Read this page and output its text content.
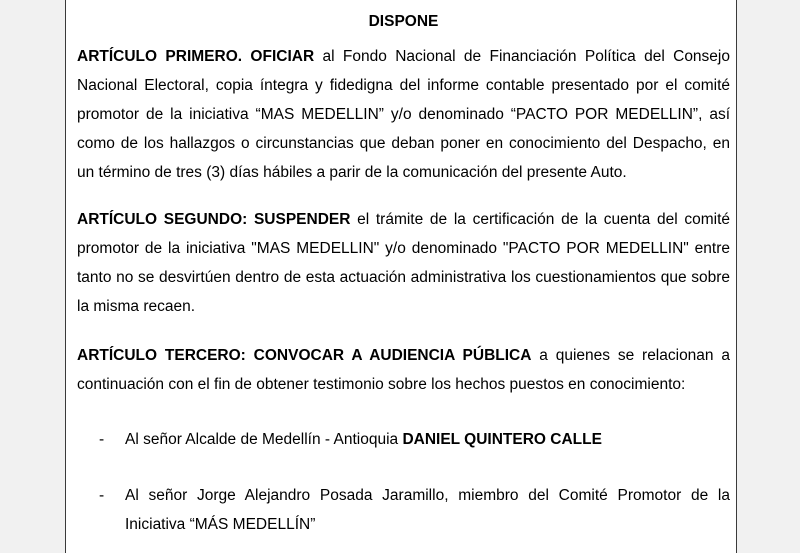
DISPONE
ARTÍCULO PRIMERO. OFICIAR al Fondo Nacional de Financiación Política del Consejo Nacional Electoral, copia íntegra y fidedigna del informe contable presentado por el comité promotor de la iniciativa “MAS MEDELLIN” y/o denominado “PACTO POR MEDELLIN”, así como de los hallazgos o circunstancias que deban poner en conocimiento del Despacho, en un término de tres (3) días hábiles a parir de la comunicación del presente Auto.
ARTÍCULO SEGUNDO: SUSPENDER el trámite de la certificación de la cuenta del comité promotor de la iniciativa "MAS MEDELLIN" y/o denominado "PACTO POR MEDELLIN" entre tanto no se desvirtúen dentro de esta actuación administrativa los cuestionamientos que sobre la misma recaen.
ARTÍCULO TERCERO: CONVOCAR A AUDIENCIA PÚBLICA a quienes se relacionan a continuación con el fin de obtener testimonio sobre los hechos puestos en conocimiento:
- Al señor Alcalde de Medellín - Antioquia DANIEL QUINTERO CALLE
- Al señor Jorge Alejandro Posada Jaramillo, miembro del Comité Promotor de la Iniciativa “MÁS MEDELLÍN”
